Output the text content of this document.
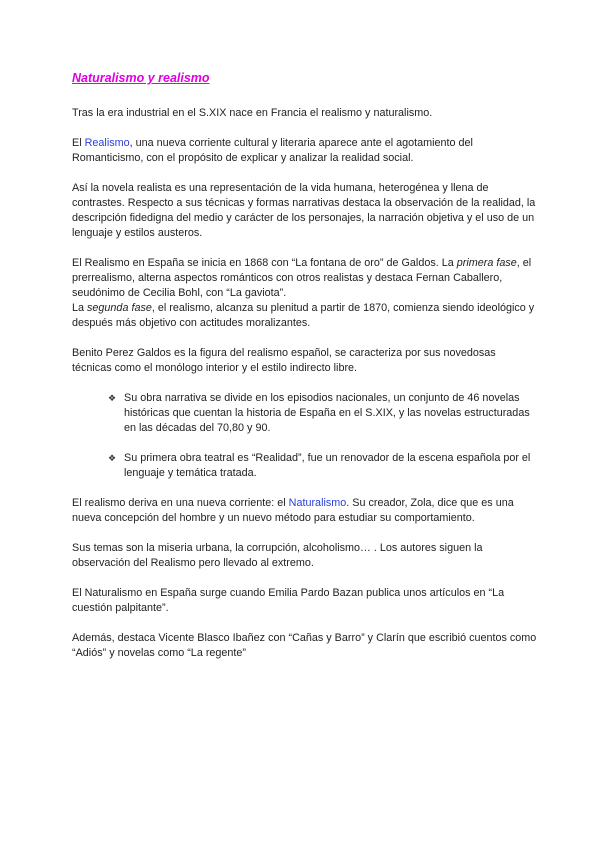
Naturalismo y realismo

Tras la era industrial en el S.XIX nace en Francia el realismo y naturalismo.

El Realismo, una nueva corriente cultural y literaria aparece ante el agotamiento del Romanticismo, con el propósito de explicar y analizar la realidad social.

Así la novela realista es una representación de la vida humana, heterogénea y llena de contrastes. Respecto a sus técnicas y formas narrativas destaca la observación de la realidad, la descripción fidedigna del medio y carácter de los personajes, la narración objetiva y el uso de un lenguaje y estilos austeros.

El Realismo en España se inicia en 1868 con “La fontana de oro” de Galdos. La primera fase, el prerrealismo, alterna aspectos románticos con otros realistas y destaca Fernan Caballero, seudónimo de Cecilia Bohl, con “La gaviota”.
La segunda fase, el realismo, alcanza su plenitud a partir de 1870, comienza siendo ideológico y después más objetivo con actitudes moralizantes.

Benito Perez Galdos es la figura del realismo español, se caracteriza por sus novedosas técnicas como el monólogo interior y el estilo indirecto libre.

❖ Su obra narrativa se divide en los episodios nacionales, un conjunto de 46 novelas históricas que cuentan la historia de España en el S.XIX, y las novelas estructuradas en las décadas del 70,80 y 90.
❖ Su primera obra teatral es “Realidad”, fue un renovador de la escena española por el lenguaje y temática tratada.

El realismo deriva en una nueva corriente: el Naturalismo. Su creador, Zola, dice que es una nueva concepción del hombre y un nuevo método para estudiar su comportamiento.

Sus temas son la miseria urbana, la corrupción, alcoholismo… . Los autores siguen la observación del Realismo pero llevado al extremo.

El Naturalismo en España surge cuando Emilia Pardo Bazan publica unos artículos en “La cuestión palpitante”.

Además, destaca Vicente Blasco Ibañez con “Cañas y Barro” y Clarín que escribió cuentos como “Adiós” y novelas como “La regente”
